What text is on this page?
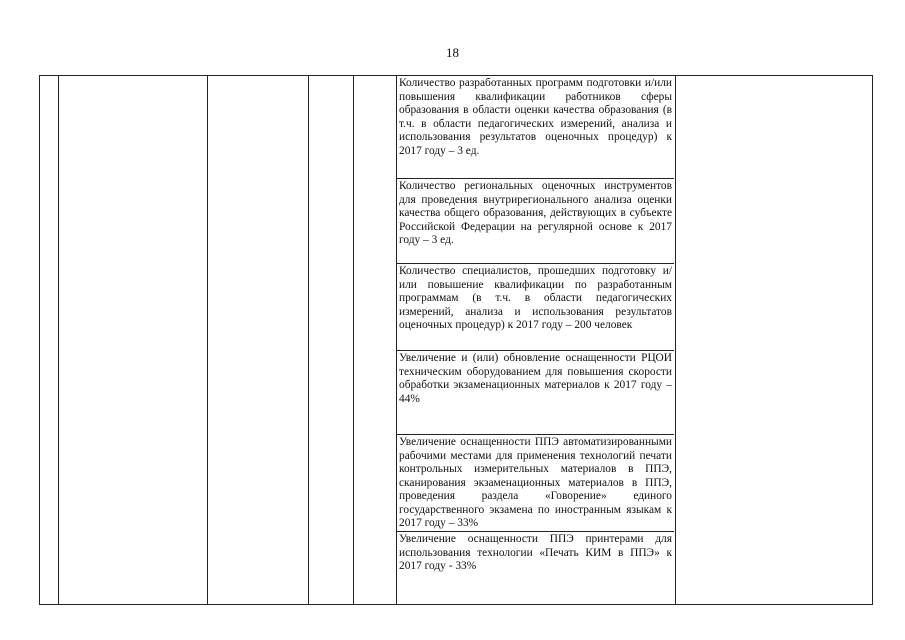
18
Количество разработанных программ подготовки и/или повышения квалификации работников сферы образования в области оценки качества образования (в т.ч. в области педагогических измерений, анализа и использования результатов оценочных процедур) к 2017 году – 3 ед.
Количество региональных оценочных инструментов для проведения внутрирегионального анализа оценки качества общего образования, действующих в субъекте Российской Федерации на регулярной основе к 2017 году – 3 ед.
Количество специалистов, прошедших подготовку и/или повышение квалификации по разработанным программам (в т.ч. в области педагогических измерений, анализа и использования результатов оценочных процедур) к 2017 году – 200 человек
Увеличение и (или) обновление оснащенности РЦОИ техническим оборудованием для повышения скорости обработки экзаменационных материалов к 2017 году – 44%
Увеличение оснащенности ППЭ автоматизированными рабочими местами для применения технологий печати контрольных измерительных материалов в ППЭ, сканирования экзаменационных материалов в ППЭ, проведения раздела «Говорение» единого государственного экзамена по иностранным языкам к 2017 году – 33%
Увеличение оснащенности ППЭ принтерами для использования технологии «Печать КИМ в ППЭ» к 2017 году - 33%
